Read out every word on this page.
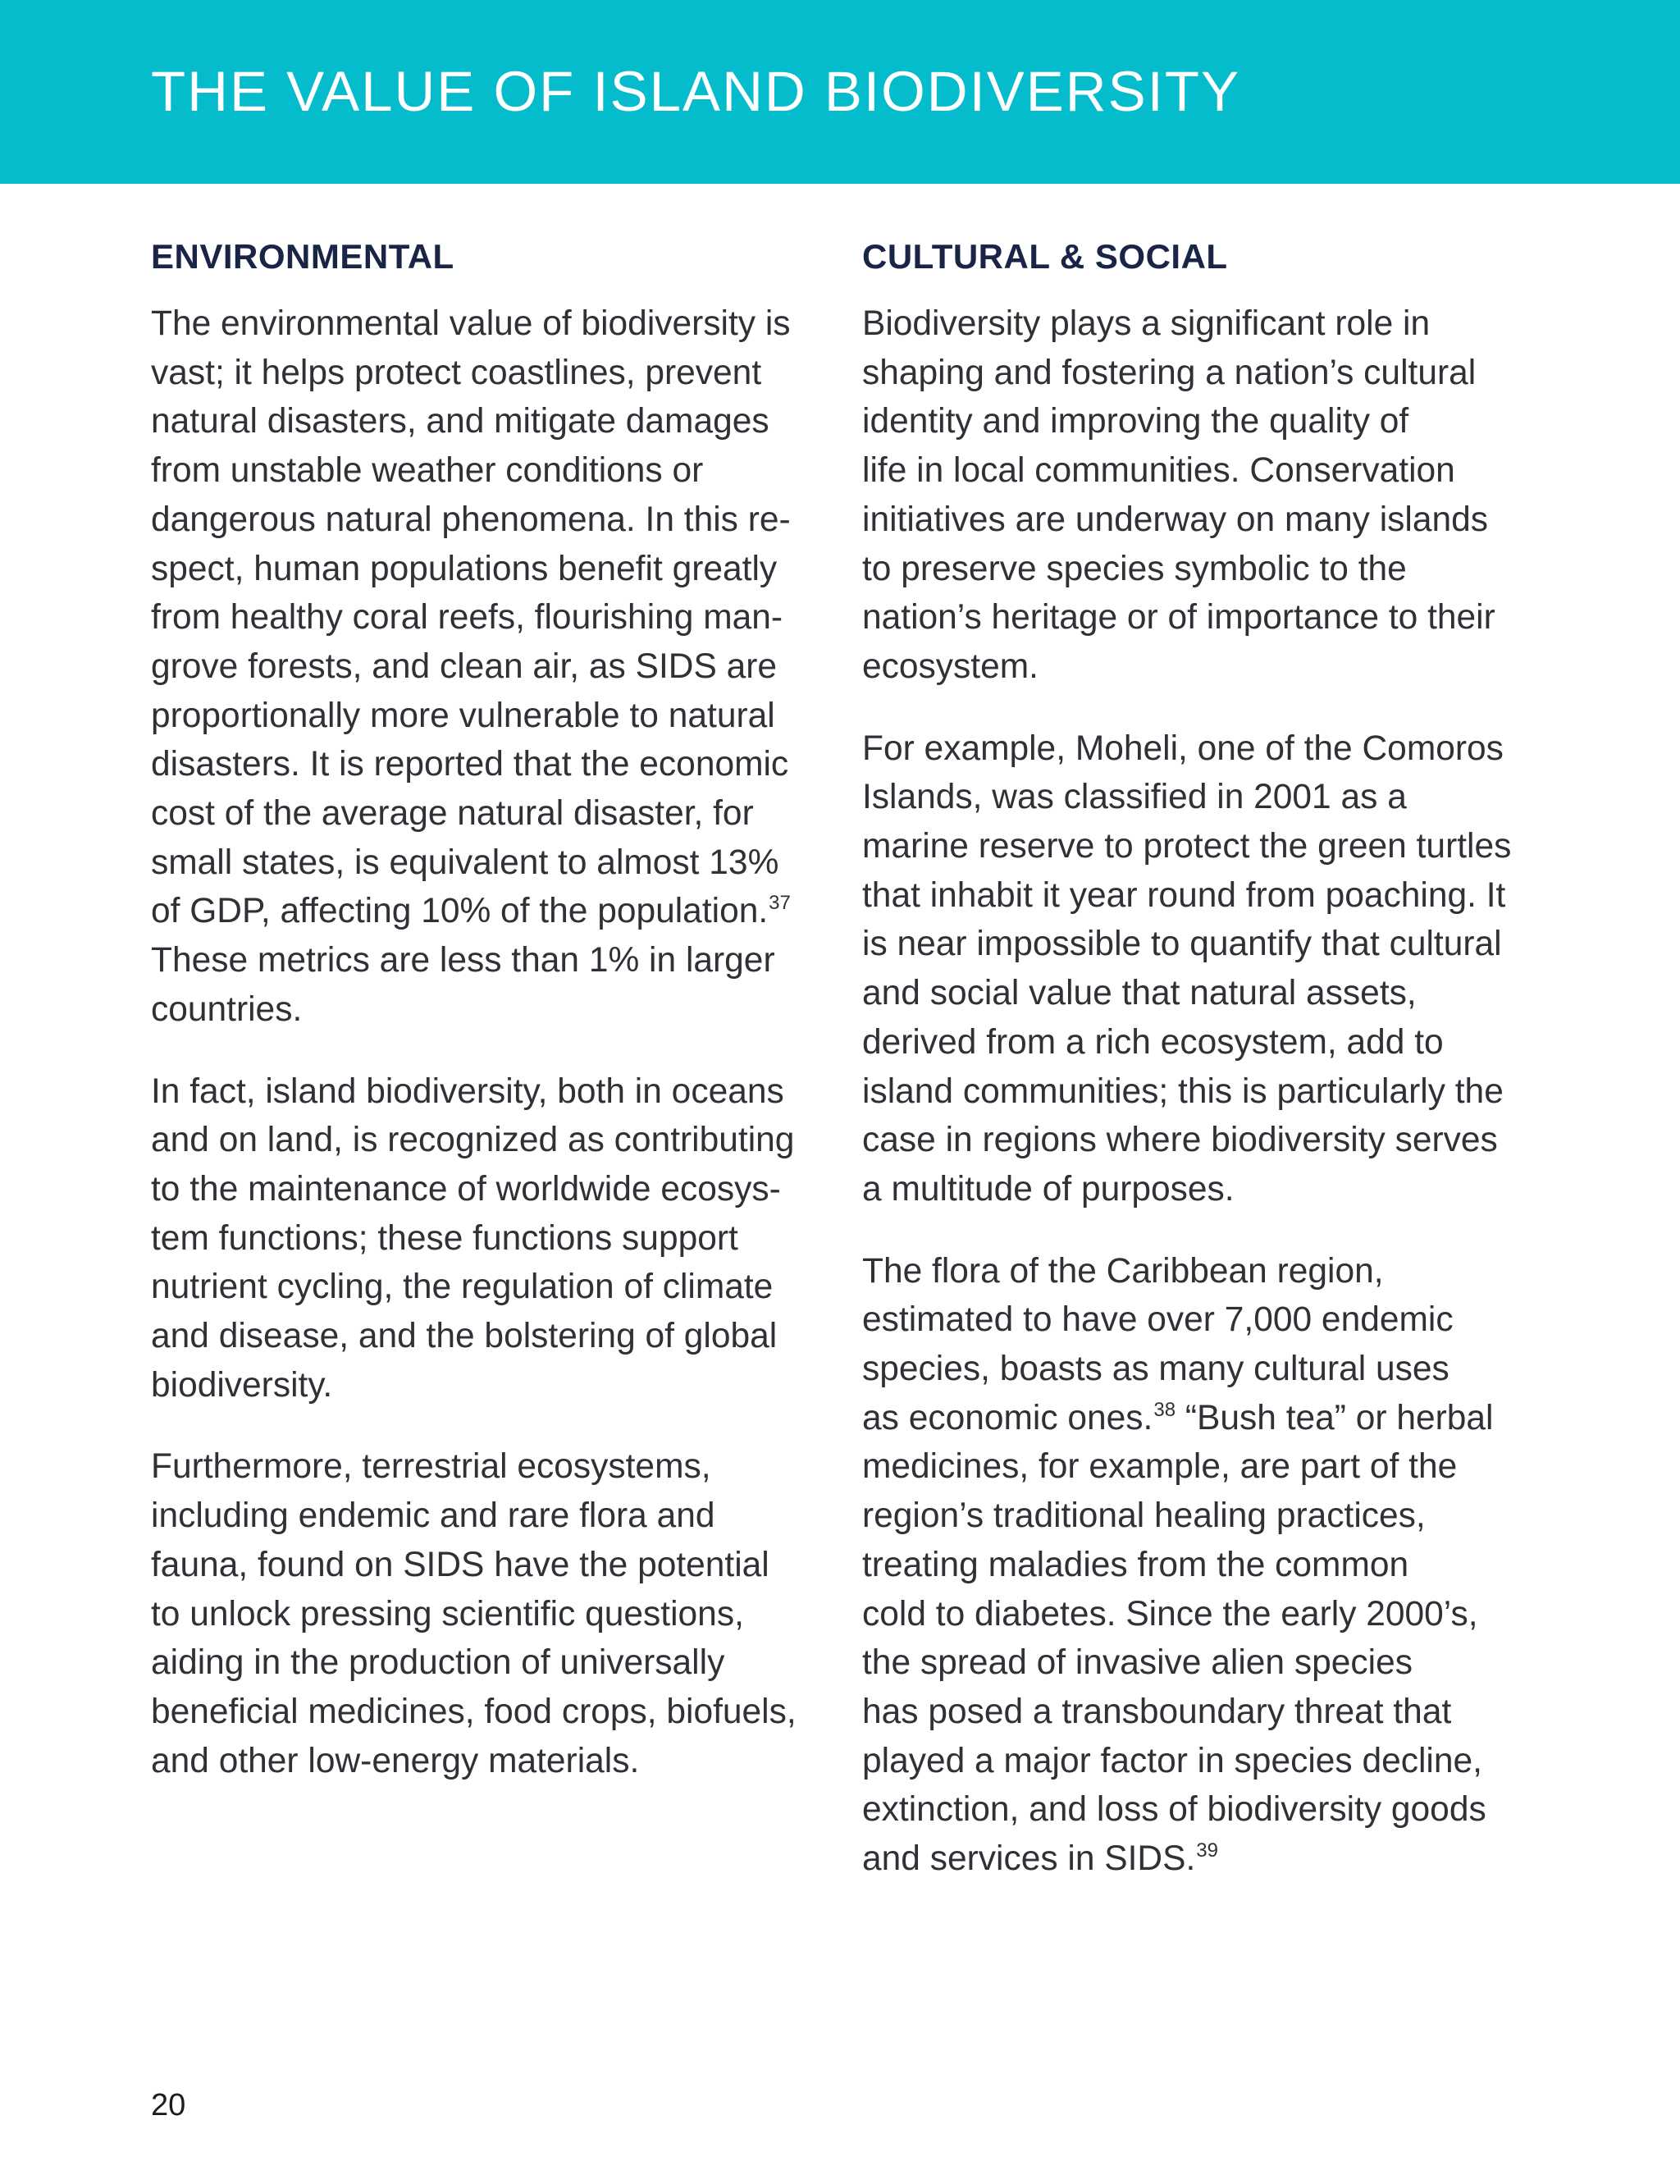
THE VALUE OF ISLAND BIODIVERSITY
ENVIRONMENTAL

The environmental value of biodiversity is
vast; it helps protect coastlines, prevent
natural disasters, and mitigate damages
from unstable weather conditions or
dangerous natural phenomena. In this re-
spect, human populations benefit greatly
from healthy coral reefs, flourishing man-
grove forests, and clean air, as SIDS are
proportionally more vulnerable to natural
disasters. It is reported that the economic
cost of the average natural disaster, for
small states, is equivalent to almost 13%
of GDP, affecting 10% of the population.$^{37}$
These metrics are less than 1% in larger
countries.

In fact, island biodiversity, both in oceans
and on land, is recognized as contributing
to the maintenance of worldwide ecosys-
tem functions; these functions support
nutrient cycling, the regulation of climate
and disease, and the bolstering of global
biodiversity.

Furthermore, terrestrial ecosystems,
including endemic and rare flora and
fauna, found on SIDS have the potential
to unlock pressing scientific questions,
aiding in the production of universally
beneficial medicines, food crops, biofuels,
and other low-energy materials.

CULTURAL & SOCIAL

Biodiversity plays a significant role in
shaping and fostering a nation’s cultural
identity and improving the quality of
life in local communities. Conservation
initiatives are underway on many islands
to preserve species symbolic to the
nation’s heritage or of importance to their
ecosystem.

For example, Moheli, one of the Comoros
Islands, was classified in 2001 as a
marine reserve to protect the green turtles
that inhabit it year round from poaching. It
is near impossible to quantify that cultural
and social value that natural assets,
derived from a rich ecosystem, add to
island communities; this is particularly the
case in regions where biodiversity serves
a multitude of purposes.

The flora of the Caribbean region,
estimated to have over 7,000 endemic
species, boasts as many cultural uses
as economic ones.$^{38}$ “Bush tea” or herbal
medicines, for example, are part of the
region’s traditional healing practices,
treating maladies from the common
cold to diabetes. Since the early 2000’s,
the spread of invasive alien species
has posed a transboundary threat that
played a major factor in species decline,
extinction, and loss of biodiversity goods
and services in SIDS.$^{39}$

20
